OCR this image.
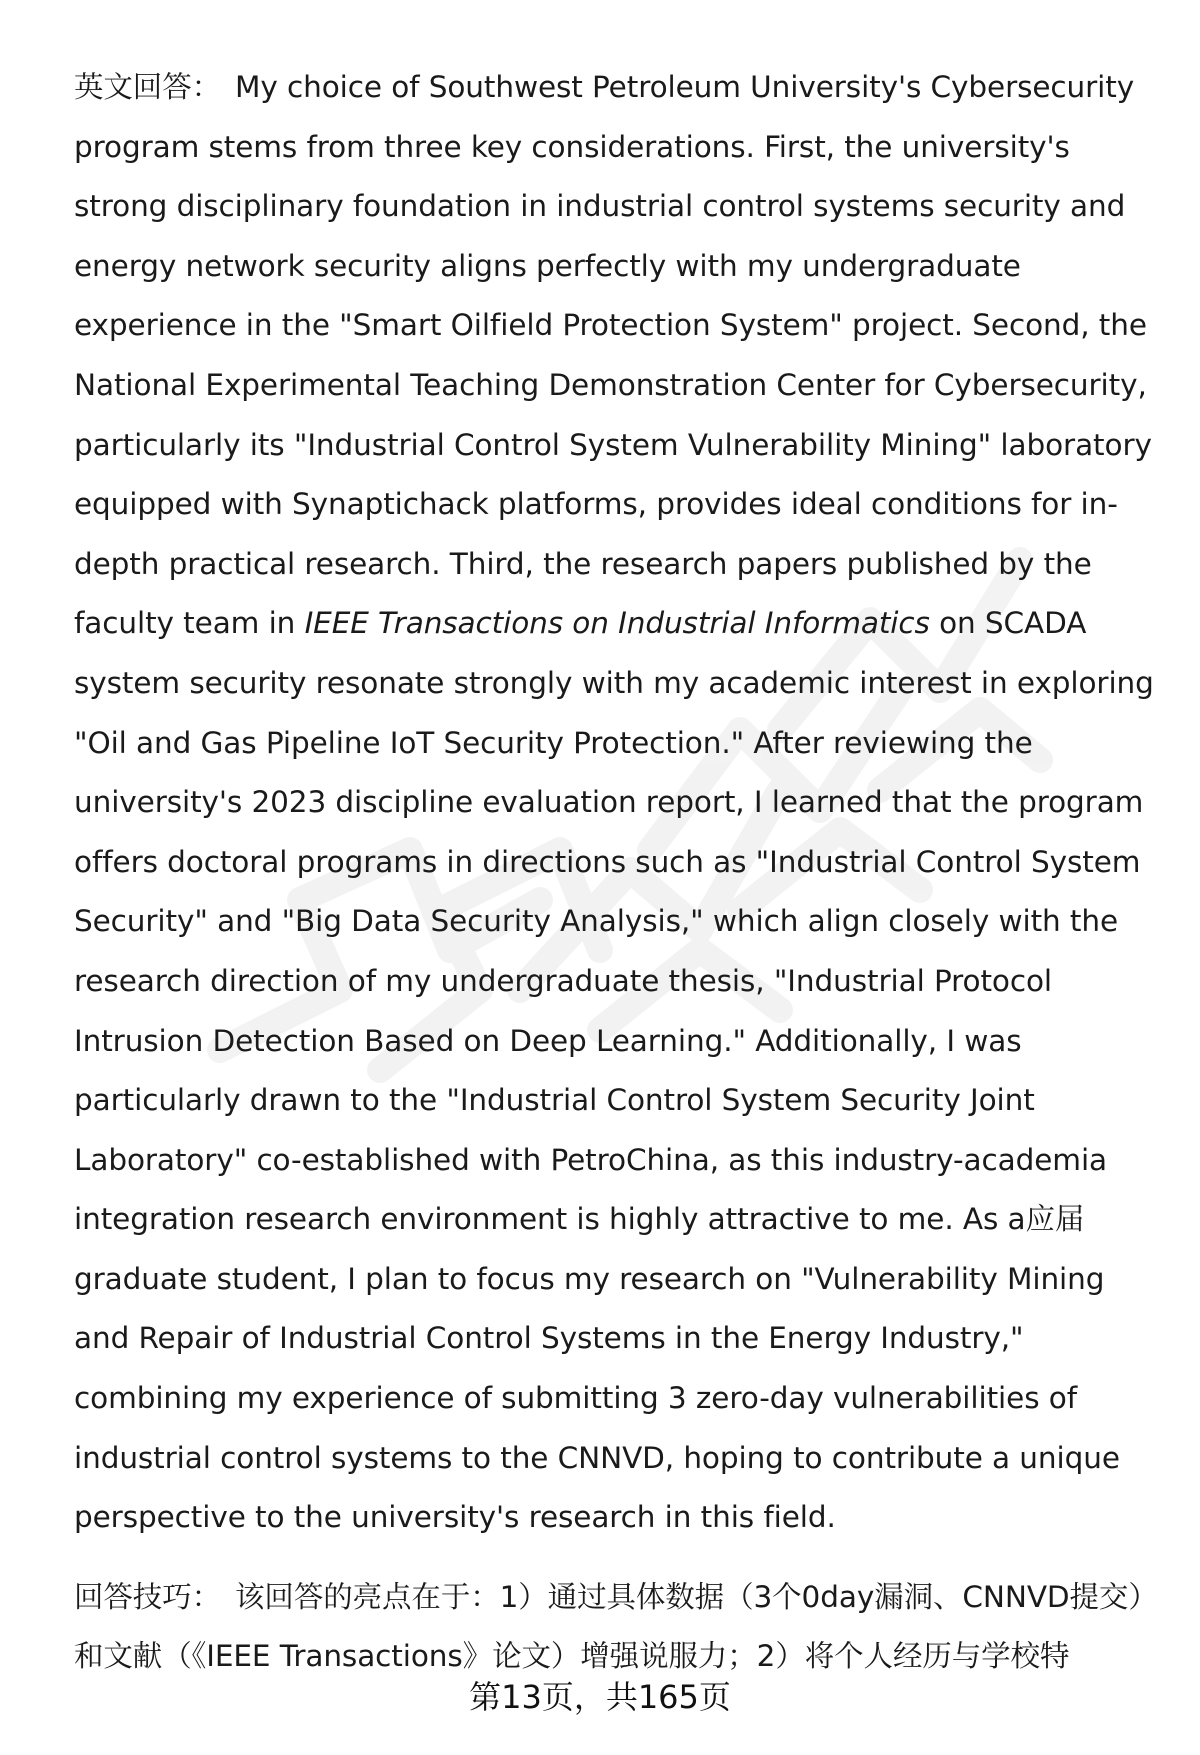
英文回答： My choice of Southwest Petroleum University's Cybersecurity program stems from three key considerations. First, the university's strong disciplinary foundation in industrial control systems security and energy network security aligns perfectly with my undergraduate experience in the "Smart Oilfield Protection System" project. Second, the National Experimental Teaching Demonstration Center for Cybersecurity, particularly its "Industrial Control System Vulnerability Mining" laboratory equipped with Synaptichack platforms, provides ideal conditions for in-depth practical research. Third, the research papers published by the faculty team in IEEE Transactions on Industrial Informatics on SCADA system security resonate strongly with my academic interest in exploring "Oil and Gas Pipeline IoT Security Protection." After reviewing the university's 2023 discipline evaluation report, I learned that the program offers doctoral programs in directions such as "Industrial Control System Security" and "Big Data Security Analysis," which align closely with the research direction of my undergraduate thesis, "Industrial Protocol Intrusion Detection Based on Deep Learning." Additionally, I was particularly drawn to the "Industrial Control System Security Joint Laboratory" co-established with PetroChina, as this industry-academia integration research environment is highly attractive to me. As a应届 graduate student, I plan to focus my research on "Vulnerability Mining and Repair of Industrial Control Systems in the Energy Industry," combining my experience of submitting 3 zero-day vulnerabilities of industrial control systems to the CNNVD, hoping to contribute a unique perspective to the university's research in this field.

回答技巧： 该回答的亮点在于：1）通过具体数据（3个0day漏洞、CNNVD提交）和文献（《IEEE Transactions》论文）增强说服力；2）将个人经历与学校特

第13页，共165页
